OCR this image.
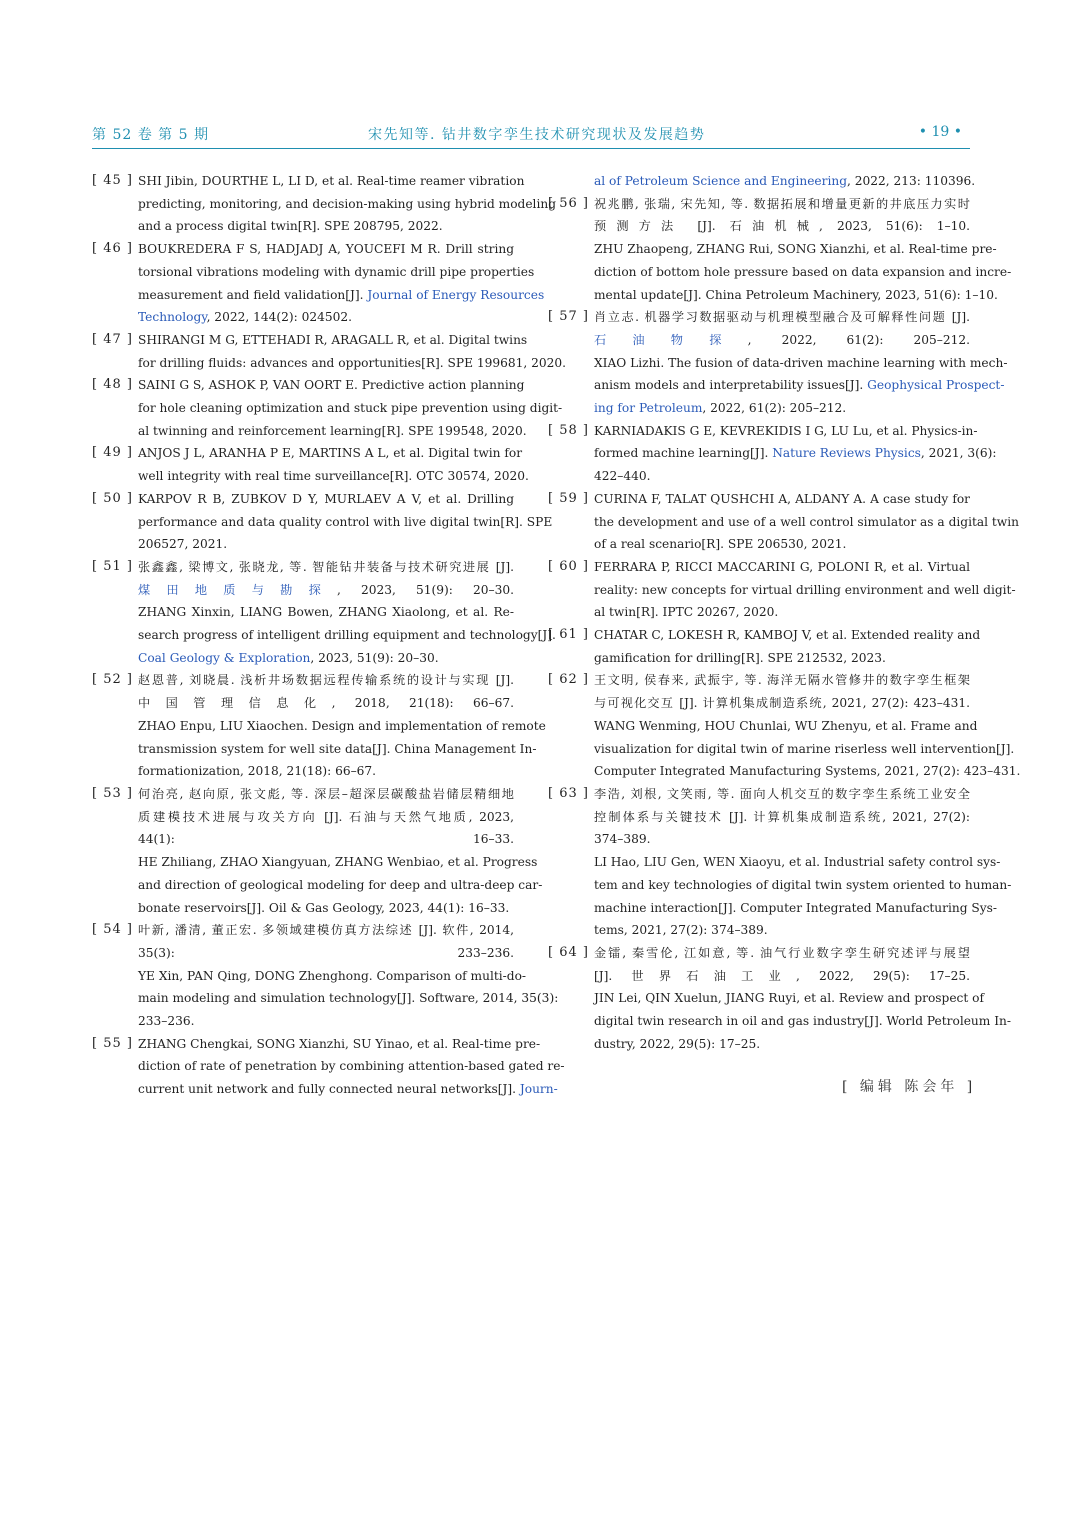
第 52 卷 第 5 期	宋先知等. 钻井数字孪生技术研究现状及发展趋势	• 19 •
[ 45 ] SHI Jibin, DOURTHE L, LI D, et al. Real-time reamer vibration
predicting, monitoring, and decision-making using hybrid modeling
and a process digital twin[R]. SPE 208795, 2022.
[ 46 ] BOUKREDERA F S, HADJADJ A, YOUCEFI M R. Drill string
torsional vibrations modeling with dynamic drill pipe properties
measurement and field validation[J]. Journal of Energy Resources
Technology, 2022, 144(2): 024502.
[ 47 ] SHIRANGI M G, ETTEHADI R, ARAGALL R, et al. Digital twins
for drilling fluids: advances and opportunities[R]. SPE 199681, 2020.
[ 48 ] SAINI G S, ASHOK P, VAN OORT E. Predictive action planning
for hole cleaning optimization and stuck pipe prevention using digit-
al twinning and reinforcement learning[R]. SPE 199548, 2020.
[ 49 ] ANJOS J L, ARANHA P E, MARTINS A L, et al. Digital twin for
well integrity with real time surveillance[R]. OTC 30574, 2020.
[ 50 ] KARPOV R B, ZUBKOV D Y, MURLAEV A V, et al. Drilling
performance and data quality control with live digital twin[R]. SPE
206527, 2021.
[ 51 ] 张鑫鑫, 梁博文, 张晓龙, 等. 智能钻井装备与技术研究进展 [J].
煤田地质与勘探, 2023, 51(9): 20–30.
ZHANG Xinxin, LIANG Bowen, ZHANG Xiaolong, et al. Re-
search progress of intelligent drilling equipment and technology[J].
Coal Geology & Exploration, 2023, 51(9): 20–30.
[ 52 ] 赵恩普, 刘晓晨. 浅析井场数据远程传输系统的设计与实现 [J].
中国管理信息化, 2018, 21(18): 66–67.
ZHAO Enpu, LIU Xiaochen. Design and implementation of remote
transmission system for well site data[J]. China Management In-
formationization, 2018, 21(18): 66–67.
[ 53 ] 何治亮, 赵向原, 张文彪, 等. 深层–超深层碳酸盐岩储层精细地
质建模技术进展与攻关方向 [J]. 石油与天然气地质, 2023,
44(1): 16–33.
HE Zhiliang, ZHAO Xiangyuan, ZHANG Wenbiao, et al. Progress
and direction of geological modeling for deep and ultra-deep car-
bonate reservoirs[J]. Oil & Gas Geology, 2023, 44(1): 16–33.
[ 54 ] 叶新, 潘清, 董正宏. 多领域建模仿真方法综述 [J]. 软件, 2014,
35(3): 233–236.
YE Xin, PAN Qing, DONG Zhenghong. Comparison of multi-do-
main modeling and simulation technology[J]. Software, 2014, 35(3):
233–236.
[ 55 ] ZHANG Chengkai, SONG Xianzhi, SU Yinao, et al. Real-time pre-
diction of rate of penetration by combining attention-based gated re-
current unit network and fully connected neural networks[J]. Journ-
al of Petroleum Science and Engineering, 2022, 213: 110396.
[ 56 ] 祝兆鹏, 张瑞, 宋先知, 等. 数据拓展和增量更新的井底压力实时
预测方法 [J]. 石油机械, 2023, 51(6): 1–10.
ZHU Zhaopeng, ZHANG Rui, SONG Xianzhi, et al. Real-time pre-
diction of bottom hole pressure based on data expansion and incre-
mental update[J]. China Petroleum Machinery, 2023, 51(6): 1–10.
[ 57 ] 肖立志. 机器学习数据驱动与机理模型融合及可解释性问题 [J].
石油物探, 2022, 61(2): 205–212.
XIAO Lizhi. The fusion of data-driven machine learning with mech-
anism models and interpretability issues[J]. Geophysical Prospect-
ing for Petroleum, 2022, 61(2): 205–212.
[ 58 ] KARNIADAKIS G E, KEVREKIDIS I G, LU Lu, et al. Physics-in-
formed machine learning[J]. Nature Reviews Physics, 2021, 3(6):
422–440.
[ 59 ] CURINA F, TALAT QUSHCHI A, ALDANY A. A case study for
the development and use of a well control simulator as a digital twin
of a real scenario[R]. SPE 206530, 2021.
[ 60 ] FERRARA P, RICCI MACCARINI G, POLONI R, et al. Virtual
reality: new concepts for virtual drilling environment and well digit-
al twin[R]. IPTC 20267, 2020.
[ 61 ] CHATAR C, LOKESH R, KAMBOJ V, et al. Extended reality and
gamification for drilling[R]. SPE 212532, 2023.
[ 62 ] 王文明, 侯春来, 武振宇, 等. 海洋无隔水管修井的数字孪生框架
与可视化交互 [J]. 计算机集成制造系统, 2021, 27(2): 423–431.
WANG Wenming, HOU Chunlai, WU Zhenyu, et al. Frame and
visualization for digital twin of marine riserless well intervention[J].
Computer Integrated Manufacturing Systems, 2021, 27(2): 423–431.
[ 63 ] 李浩, 刘根, 文笑雨, 等. 面向人机交互的数字孪生系统工业安全
控制体系与关键技术 [J]. 计算机集成制造系统, 2021, 27(2):
374–389.
LI Hao, LIU Gen, WEN Xiaoyu, et al. Industrial safety control sys-
tem and key technologies of digital twin system oriented to human-
machine interaction[J]. Computer Integrated Manufacturing Sys-
tems, 2021, 27(2): 374–389.
[ 64 ] 金镭, 秦雪伦, 江如意, 等. 油气行业数字孪生研究述评与展望
[J]. 世界石油工业, 2022, 29(5): 17–25.
JIN Lei, QIN Xuelun, JIANG Ruyi, et al. Review and prospect of
digital twin research in oil and gas industry[J]. World Petroleum In-
dustry, 2022, 29(5): 17–25.
[ 编辑 陈会年 ]
